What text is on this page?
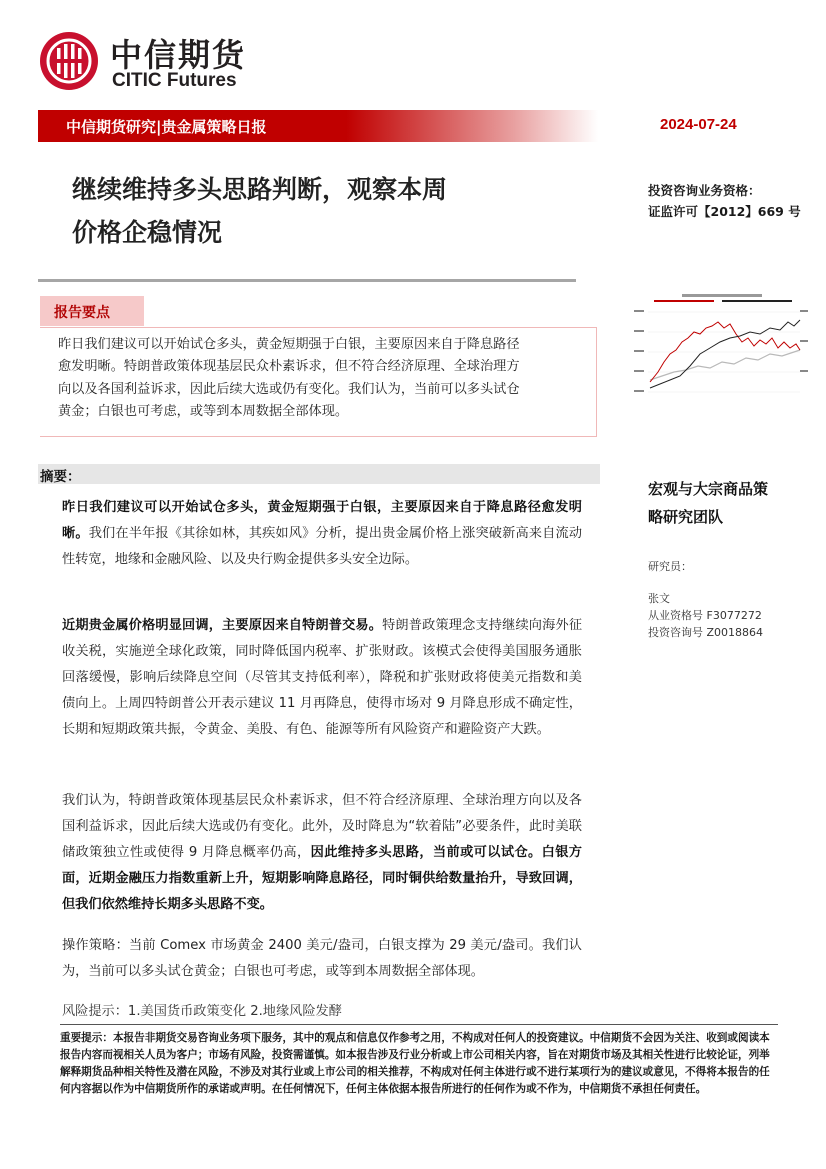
中信期货
CITIC Futures
中信期货研究|贵金属策略日报	2024-07-24
继续维持多头思路判断，观察本周
价格企稳情况
投资咨询业务资格：
证监许可【2012】669 号
报告要点
昨日我们建议可以开始试仓多头，黄金短期强于白银，主要原因来自于降息路径
愈发明晰。特朗普政策体现基层民众朴素诉求，但不符合经济原理、全球治理方
向以及各国利益诉求，因此后续大选或仍有变化。我们认为，当前可以多头试仓
黄金；白银也可考虑，或等到本周数据全部体现。
宏观与大宗商品策
略研究团队
研究员：
张文
从业资格号 F3077272
投资咨询号 Z0018864
摘要：
昨日我们建议可以开始试仓多头，黄金短期强于白银，主要原因来自于降息路径愈发明晰。我们在半年报《其徐如林，其疾如风》分析，提出贵金属价格上涨突破新高来自流动性转宽，地缘和金融风险、以及央行购金提供多头安全边际。
近期贵金属价格明显回调，主要原因来自特朗普交易。特朗普政策理念支持继续向海外征收关税，实施逆全球化政策，同时降低国内税率、扩张财政。该模式会使得美国服务通胀回落缓慢，影响后续降息空间（尽管其支持低利率），降税和扩张财政将使美元指数和美债向上。上周四特朗普公开表示建议 11 月再降息，使得市场对 9 月降息形成不确定性，长期和短期政策共振，令黄金、美股、有色、能源等所有风险资产和避险资产大跌。
我们认为，特朗普政策体现基层民众朴素诉求，但不符合经济原理、全球治理方向以及各国利益诉求，因此后续大选或仍有变化。此外，及时降息为“软着陆”必要条件，此时美联储政策独立性或使得 9 月降息概率仍高，因此维持多头思路，当前或可以试仓。白银方面，近期金融压力指数重新上升，短期影响降息路径，同时铜供给数量抬升，导致回调，但我们依然维持长期多头思路不变。
操作策略：当前 Comex 市场黄金 2400 美元/盎司，白银支撑为 29 美元/盎司。我们认为，当前可以多头试仓黄金；白银也可考虑，或等到本周数据全部体现。
风险提示：1.美国货币政策变化 2.地缘风险发酵
重要提示：本报告非期货交易咨询业务项下服务，其中的观点和信息仅作参考之用，不构成对任何人的投资建议。中信期货不会因为关注、收到或阅读本报告内容而视相关人员为客户；市场有风险，投资需谨慎。如本报告涉及行业分析或上市公司相关内容，旨在对期货市场及其相关性进行比较论证，列举解释期货品种相关特性及潜在风险，不涉及对其行业或上市公司的相关推荐，不构成对任何主体进行或不进行某项行为的建议或意见，不得将本报告的任何内容据以作为中信期货所作的承诺或声明。在任何情况下，任何主体依据本报告所进行的任何作为或不作为，中信期货不承担任何责任。
